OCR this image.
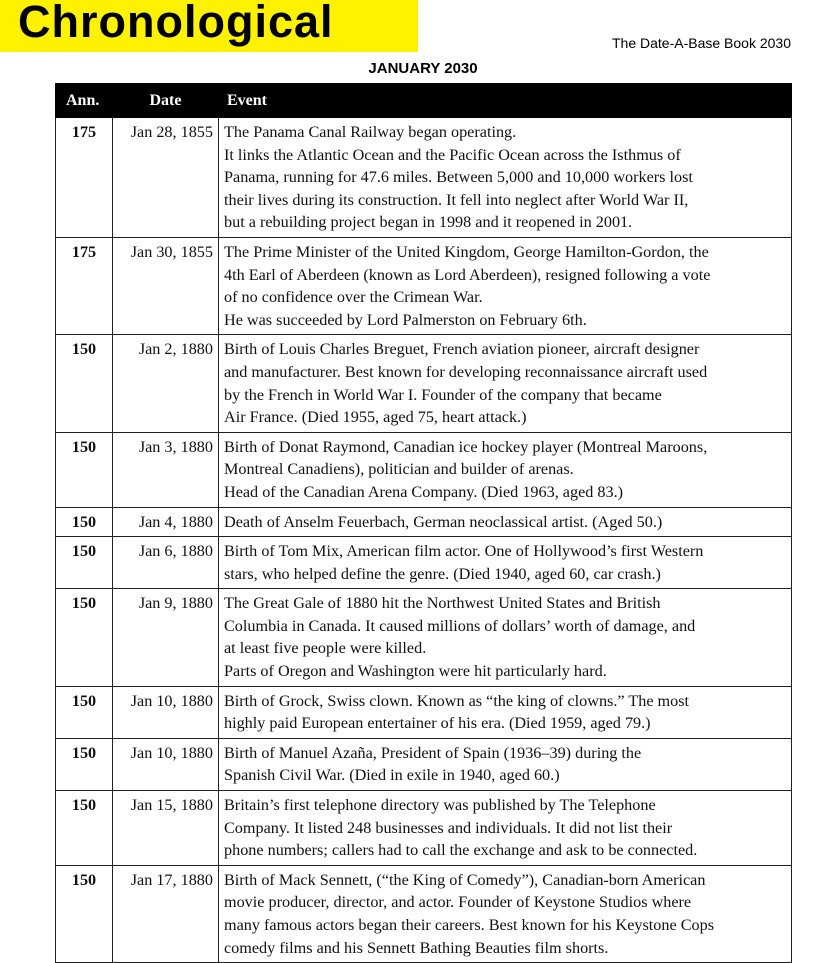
Chronological	The Date-A-Base Book 2030
JANUARY 2030
Ann.	Date	Event
175	Jan 28, 1855	The Panama Canal Railway began operating.
It links the Atlantic Ocean and the Pacific Ocean across the Isthmus of
Panama, running for 47.6 miles. Between 5,000 and 10,000 workers lost
their lives during its construction. It fell into neglect after World War II,
but a rebuilding project began in 1998 and it reopened in 2001.

175	Jan 30, 1855	The Prime Minister of the United Kingdom, George Hamilton-Gordon, the
4th Earl of Aberdeen (known as Lord Aberdeen), resigned following a vote
of no confidence over the Crimean War.
He was succeeded by Lord Palmerston on February 6th.

150	Jan 2, 1880	Birth of Louis Charles Breguet, French aviation pioneer, aircraft designer
and manufacturer. Best known for developing reconnaissance aircraft used
by the French in World War I. Founder of the company that became
Air France. (Died 1955, aged 75, heart attack.)

150	Jan 3, 1880	Birth of Donat Raymond, Canadian ice hockey player (Montreal Maroons,
Montreal Canadiens), politician and builder of arenas.
Head of the Canadian Arena Company. (Died 1963, aged 83.)

150	Jan 4, 1880	Death of Anselm Feuerbach, German neoclassical artist. (Aged 50.)

150	Jan 6, 1880	Birth of Tom Mix, American film actor. One of Hollywood’s first Western
stars, who helped define the genre. (Died 1940, aged 60, car crash.)

150	Jan 9, 1880	The Great Gale of 1880 hit the Northwest United States and British
Columbia in Canada. It caused millions of dollars’ worth of damage, and
at least five people were killed.
Parts of Oregon and Washington were hit particularly hard.

150	Jan 10, 1880	Birth of Grock, Swiss clown. Known as “the king of clowns.” The most
highly paid European entertainer of his era. (Died 1959, aged 79.)

150	Jan 10, 1880	Birth of Manuel Azaña, President of Spain (1936–39) during the
Spanish Civil War. (Died in exile in 1940, aged 60.)

150	Jan 15, 1880	Britain’s first telephone directory was published by The Telephone
Company. It listed 248 businesses and individuals. It did not list their
phone numbers; callers had to call the exchange and ask to be connected.

150	Jan 17, 1880	Birth of Mack Sennett, (“the King of Comedy”), Canadian-born American
movie producer, director, and actor. Founder of Keystone Studios where
many famous actors began their careers. Best known for his Keystone Cops
comedy films and his Sennett Bathing Beauties film shorts.
